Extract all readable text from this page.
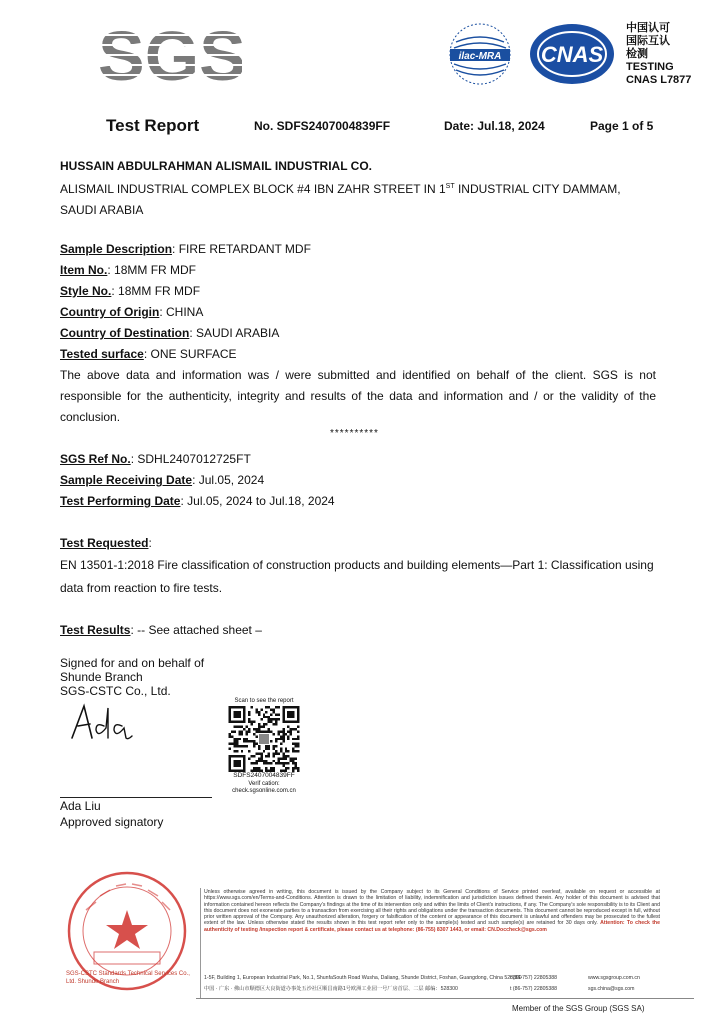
ilac-MRA CNAS
中国认可
国际互认
检测
TESTING
CNAS L7877
Test Report	No. SDFS2407004839FF	Date: Jul.18, 2024	Page 1 of 5
HUSSAIN ABDULRAHMAN ALISMAIL INDUSTRIAL CO.
ALISMAIL INDUSTRIAL COMPLEX BLOCK #4 IBN ZAHR STREET IN 1ST INDUSTRIAL CITY DAMMAM,
SAUDI ARABIA
Sample Description: FIRE RETARDANT MDF
Item No.: 18MM FR MDF
Style No.: 18MM FR MDF
Country of Origin: CHINA
Country of Destination: SAUDI ARABIA
Tested surface: ONE SURFACE
The above data and information was / were submitted and identified on behalf of the client. SGS is not responsible for the authenticity, integrity and results of the data and information and / or the validity of the conclusion.
**********
SGS Ref No.: SDHL2407012725FT
Sample Receiving Date: Jul.05, 2024
Test Performing Date: Jul.05, 2024 to Jul.18, 2024
Test Requested:
EN 13501-1:2018 Fire classification of construction products and building elements—Part 1: Classification using data from reaction to fire tests.
Test Results: -- See attached sheet –
Signed for and on behalf of
Shunde Branch
SGS-CSTC Co., Ltd.
Ada Liu
Approved signatory
Scan to see the report
SDFS2407004839FF
Verif cation:
check.sgsonline.com.cn
SGS-CSTC Standards Technical Services Co., Ltd. Shunde Branch
Unless otherwise agreed in writing, this document is issued by the Company subject to its General Conditions of Service printed overleaf, available on request or accessible at https://www.sgs.com/en/Terms-and-Conditions. Attention is drawn to the limitation of liability, indemnification and jurisdiction issues defined therein. Any holder of this document is advised that information contained hereon reflects the Company's findings at the time of its intervention only and within the limits of Client's instructions, if any. The Company's sole responsibility is to its Client and this document does not exonerate parties to a transaction from exercising all their rights and obligations under the transaction documents. This document cannot be reproduced except in full, without prior written approval of the Company. Any unauthorized alteration, forgery or falsification of the content or appearance of this document is unlawful and offenders may be prosecuted to the fullest extent of the law. Unless otherwise stated the results shown in this test report refer only to the sample(s) tested and such sample(s) are retained for 30 days only. Attention: To check the authenticity of testing /inspection report & certificate, please contact us at telephone: (86-755) 8307 1443, or email: CN.Doccheck@sgs.com
1-5F, Building 1, European Industrial Park, No.1, ShunfaSouth Road Wusha, Daliang, Shunde District, Foshan, Guangdong, China 528300
t (86-757) 22805388	www.sgsgroup.com.cn
中国 · 广东 · 佛山市顺德区大良街道办事处五沙社区顺昌南路1号欧洲工业园一号厂房首层、二层 邮编：528300	t (86-757) 22805388	sgs.china@sgs.com
Member of the SGS Group (SGS SA)
